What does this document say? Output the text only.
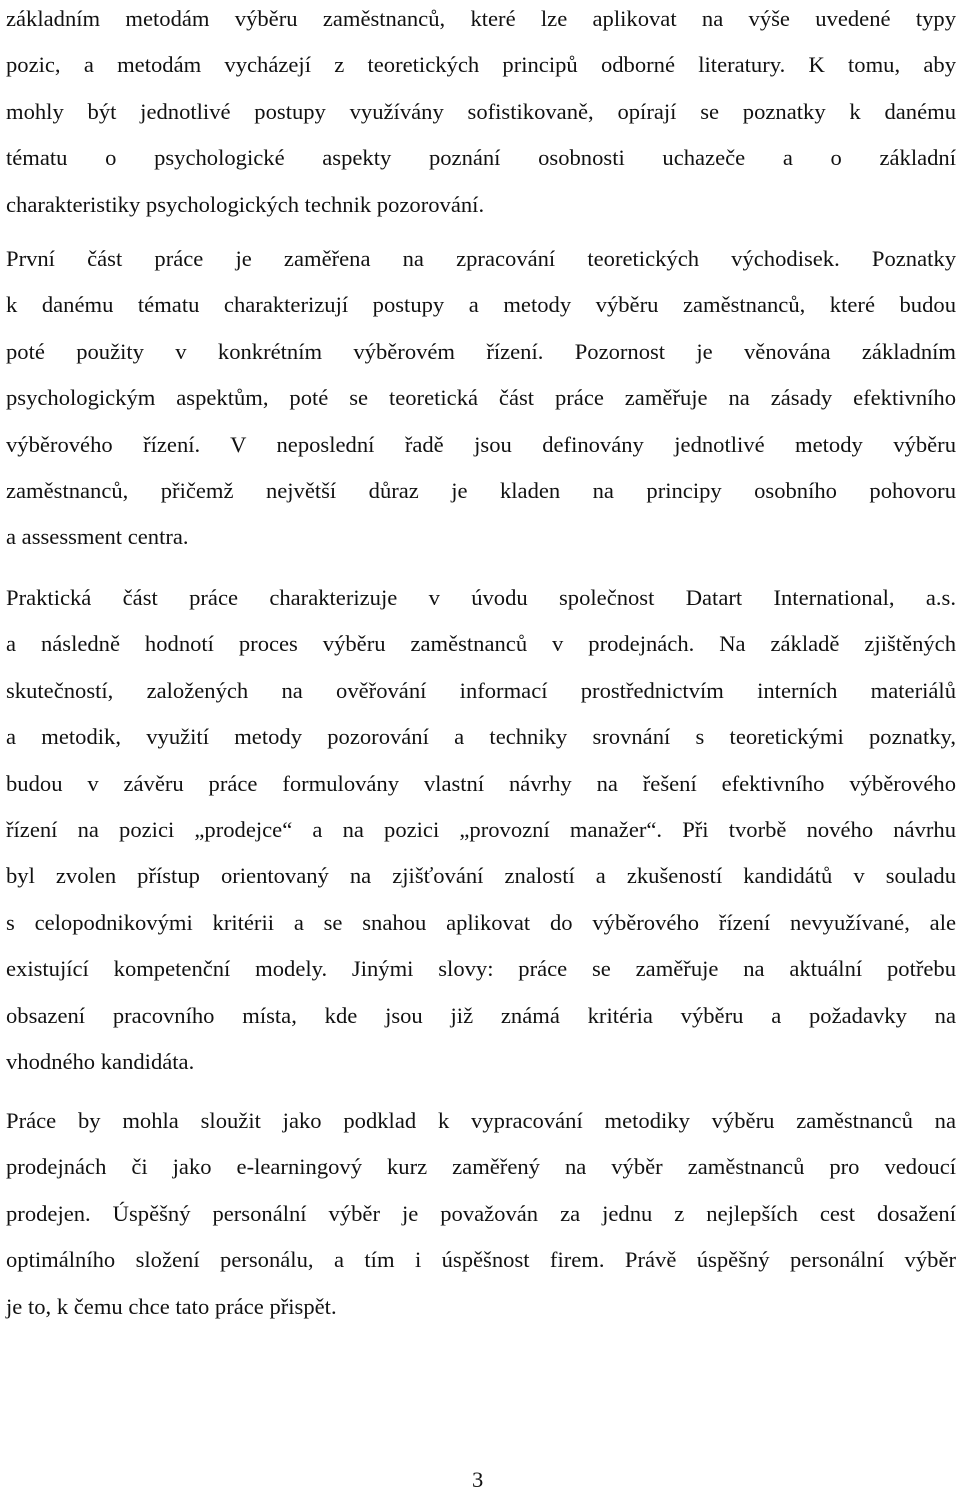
základním metodám výběru zaměstnanců, které lze aplikovat na výše uvedené typy
pozic, a metodám vycházejí z teoretických principů odborné literatury. K tomu, aby
mohly být jednotlivé postupy využívány sofistikovaně, opírají se poznatky k danému
tématu o psychologické aspekty poznání osobnosti uchazeče a o základní
charakteristiky psychologických technik pozorování.
První část práce je zaměřena na zpracování teoretických východisek. Poznatky
k danému tématu charakterizují postupy a metody výběru zaměstnanců, které budou
poté použity v konkrétním výběrovém řízení. Pozornost je věnována základním
psychologickým aspektům, poté se teoretická část práce zaměřuje na zásady efektivního
výběrového řízení. V neposlední řadě jsou definovány jednotlivé metody výběru
zaměstnanců, přičemž největší důraz je kladen na principy osobního pohovoru
a assessment centra.
Praktická část práce charakterizuje v úvodu společnost Datart International, a.s.
a následně hodnotí proces výběru zaměstnanců v prodejnách. Na základě zjištěných
skutečností, založených na ověřování informací prostřednictvím interních materiálů
a metodik, využití metody pozorování a techniky srovnání s teoretickými poznatky,
budou v závěru práce formulovány vlastní návrhy na řešení efektivního výběrového
řízení na pozici „prodejce“ a na pozici „provozní manažer“. Při tvorbě nového návrhu
byl zvolen přístup orientovaný na zjišťování znalostí a zkušeností kandidátů v souladu
s celopodnikovými kritérii a se snahou aplikovat do výběrového řízení nevyužívané, ale
existující kompetenční modely. Jinými slovy: práce se zaměřuje na aktuální potřebu
obsazení pracovního místa, kde jsou již známá kritéria výběru a požadavky na
vhodného kandidáta.
Práce by mohla sloužit jako podklad k vypracování metodiky výběru zaměstnanců na
prodejnách či jako e-learningový kurz zaměřený na výběr zaměstnanců pro vedoucí
prodejen. Úspěšný personální výběr je považován za jednu z nejlepších cest dosažení
optimálního složení personálu, a tím i úspěšnost firem. Právě úspěšný personální výběr
je to, k čemu chce tato práce přispět.
3
